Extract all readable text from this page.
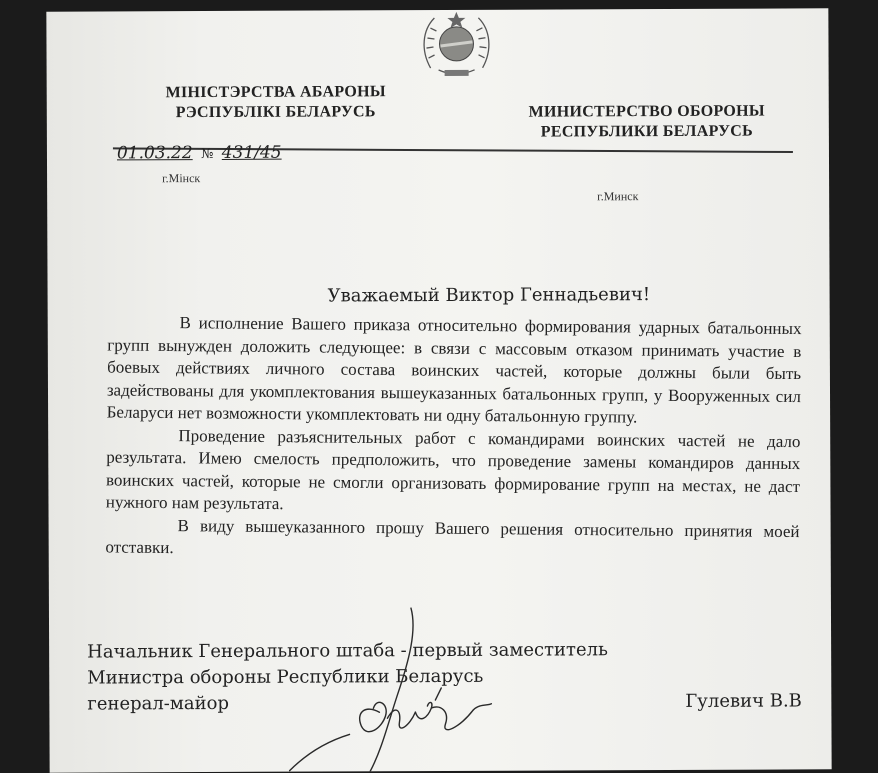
МІНІСТЭРСТВА АБАРОНЫ
РЭСПУБЛІКІ БЕЛАРУСЬ	МИНИСТЕРСТВО ОБОРОНЫ
РЕСПУБЛИКИ БЕЛАРУСЬ
01.03.22 № 431/45
г.Мінск
г.Минск
Уважаемый Виктор Геннадьевич!

В исполнение Вашего приказа относительно формирования ударных батальонных групп вынужден доложить следующее: в связи с массовым отказом принимать участие в боевых действиях личного состава воинских частей, которые должны были быть задействованы для укомплектования вышеуказанных батальонных групп, у Вооруженных сил Беларуси нет возможности укомплектовать ни одну батальонную группу.

Проведение разъяснительных работ с командирами воинских частей не дало результата. Имею смелость предположить, что проведение замены командиров данных воинских частей, которые не смогли организовать формирование групп на местах, не даст нужного нам результата.

В виду вышеуказанного прошу Вашего решения относительно принятия моей отставки.

Начальник Генерального штаба - первый заместитель
Министра обороны Республики Беларусь
генерал-майор	Гулевич В.В
